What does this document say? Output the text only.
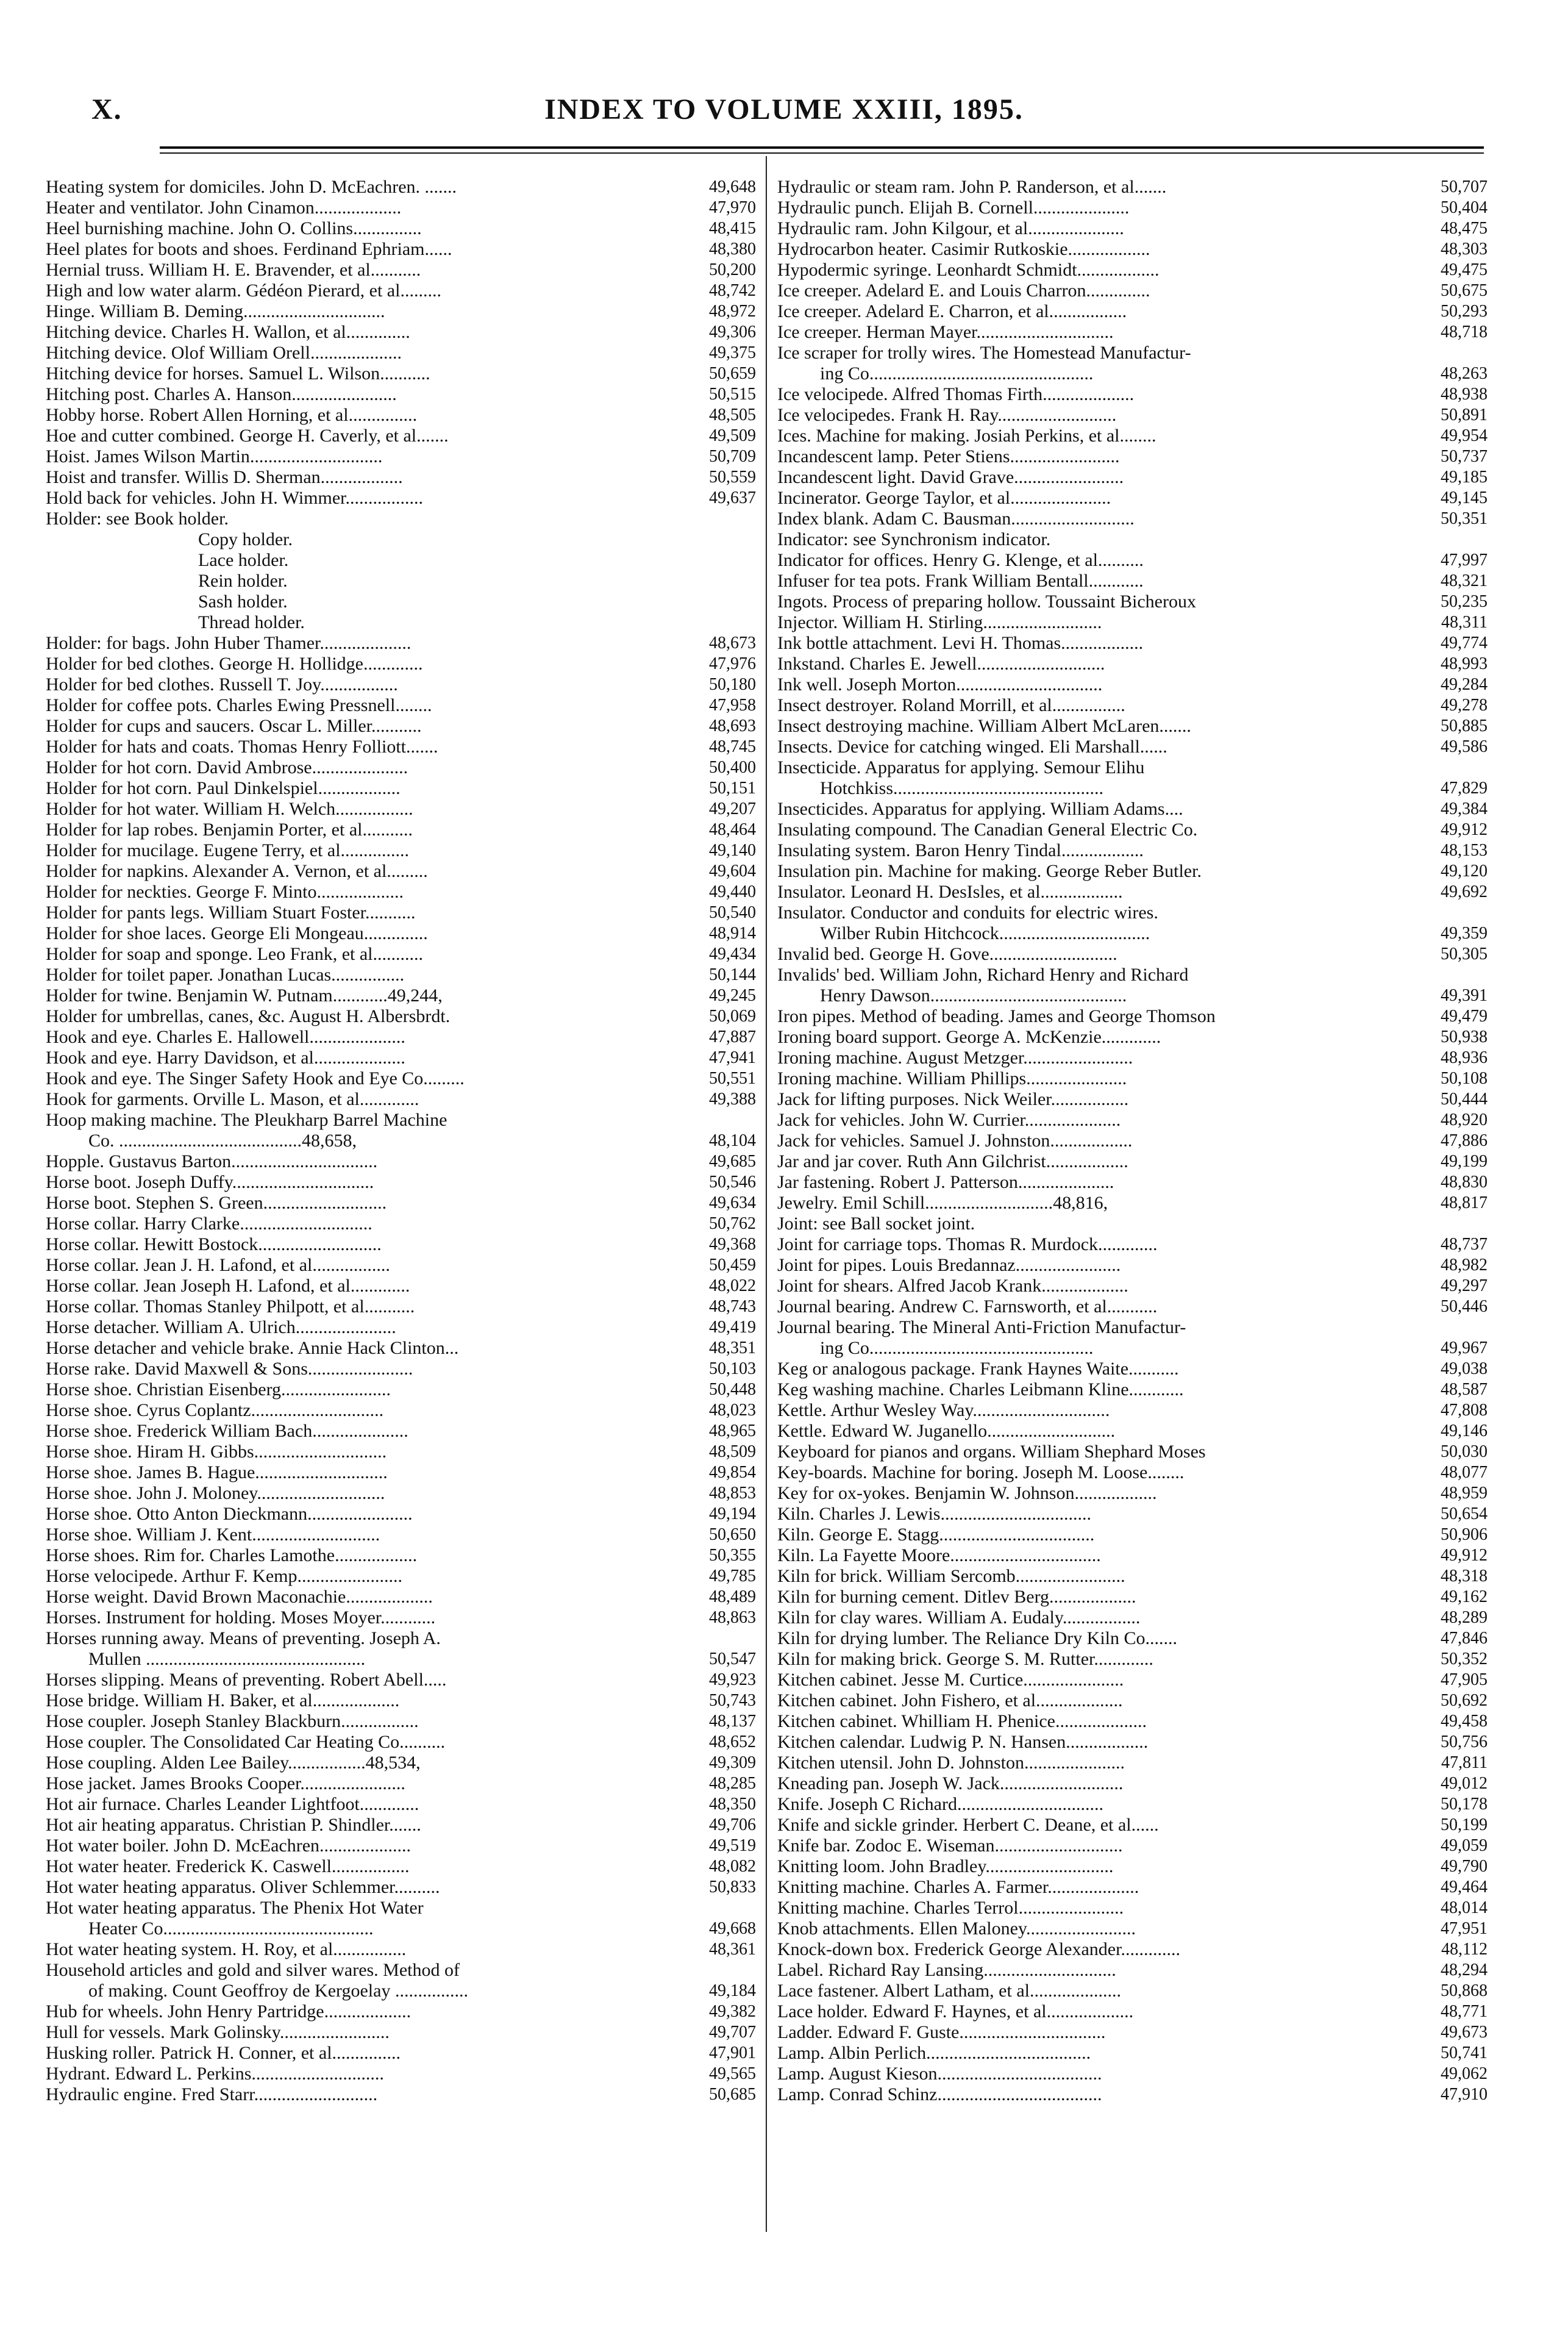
X.	INDEX TO VOLUME XXIII, 1895.
Heating system for domiciles. John D. McEachren. .......	49,648
Heater and ventilator. John Cinamon...................	47,970
Heel burnishing machine. John O. Collins...............	48,415
Heel plates for boots and shoes. Ferdinand Ephriam......	48,380
Hernial truss. William H. E. Bravender, et al...........	50,200
High and low water alarm. Gédéon Pierard, et al.........	48,742
Hinge. William B. Deming...............................	48,972
Hitching device. Charles H. Wallon, et al..............	49,306
Hitching device. Olof William Orell....................	49,375
Hitching device for horses. Samuel L. Wilson...........	50,659
Hitching post. Charles A. Hanson.......................	50,515
Hobby horse. Robert Allen Horning, et al...............	48,505
Hoe and cutter combined. George H. Caverly, et al.......	49,509
Hoist. James Wilson Martin.............................	50,709
Hoist and transfer. Willis D. Sherman..................	50,559
Hold back for vehicles. John H. Wimmer.................	49,637
Holder: see Book holder.
Copy holder.
Lace holder.
Rein holder.
Sash holder.
Thread holder.
Holder: for bags. John Huber Thamer....................	48,673
Holder for bed clothes. George H. Hollidge.............	47,976
Holder for bed clothes. Russell T. Joy.................	50,180
Holder for coffee pots. Charles Ewing Pressnell........	47,958
Holder for cups and saucers. Oscar L. Miller...........	48,693
Holder for hats and coats. Thomas Henry Folliott.......	48,745
Holder for hot corn. David Ambrose.....................	50,400
Holder for hot corn. Paul Dinkelspiel..................	50,151
Holder for hot water. William H. Welch.................	49,207
Holder for lap robes. Benjamin Porter, et al...........	48,464
Holder for mucilage. Eugene Terry, et al...............	49,140
Holder for napkins. Alexander A. Vernon, et al.........	49,604
Holder for neckties. George F. Minto...................	49,440
Holder for pants legs. William Stuart Foster...........	50,540
Holder for shoe laces. George Eli Mongeau..............	48,914
Holder for soap and sponge. Leo Frank, et al...........	49,434
Holder for toilet paper. Jonathan Lucas................	50,144
Holder for twine. Benjamin W. Putnam............49,244,	49,245
Holder for umbrellas, canes, &c. August H. Albersbrdt.	50,069
Hook and eye. Charles E. Hallowell.....................	47,887
Hook and eye. Harry Davidson, et al....................	47,941
Hook and eye. The Singer Safety Hook and Eye Co.........	50,551
Hook for garments. Orville L. Mason, et al.............	49,388
Hoop making machine. The Pleukharp Barrel Machine
Co. ........................................48,658,	48,104
Hopple. Gustavus Barton................................	49,685
Horse boot. Joseph Duffy...............................	50,546
Horse boot. Stephen S. Green...........................	49,634
Horse collar. Harry Clarke.............................	50,762
Horse collar. Hewitt Bostock...........................	49,368
Horse collar. Jean J. H. Lafond, et al.................	50,459
Horse collar. Jean Joseph H. Lafond, et al.............	48,022
Horse collar. Thomas Stanley Philpott, et al...........	48,743
Horse detacher. William A. Ulrich......................	49,419
Horse detacher and vehicle brake. Annie Hack Clinton...	48,351
Horse rake. David Maxwell & Sons.......................	50,103
Horse shoe. Christian Eisenberg........................	50,448
Horse shoe. Cyrus Coplantz.............................	48,023
Horse shoe. Frederick William Bach.....................	48,965
Horse shoe. Hiram H. Gibbs.............................	48,509
Horse shoe. James B. Hague.............................	49,854
Horse shoe. John J. Moloney............................	48,853
Horse shoe. Otto Anton Dieckmann.......................	49,194
Horse shoe. William J. Kent............................	50,650
Horse shoes. Rim for. Charles Lamothe..................	50,355
Horse velocipede. Arthur F. Kemp.......................	49,785
Horse weight. David Brown Maconachie...................	48,489
Horses. Instrument for holding. Moses Moyer............	48,863
Horses running away. Means of preventing. Joseph A.
Mullen ................................................	50,547
Horses slipping. Means of preventing. Robert Abell.....	49,923
Hose bridge. William H. Baker, et al...................	50,743
Hose coupler. Joseph Stanley Blackburn.................	48,137
Hose coupler. The Consolidated Car Heating Co..........	48,652
Hose coupling. Alden Lee Bailey.................48,534,	49,309
Hose jacket. James Brooks Cooper.......................	48,285
Hot air furnace. Charles Leander Lightfoot.............	48,350
Hot air heating apparatus. Christian P. Shindler.......	49,706
Hot water boiler. John D. McEachren....................	49,519
Hot water heater. Frederick K. Caswell.................	48,082
Hot water heating apparatus. Oliver Schlemmer..........	50,833
Hot water heating apparatus. The Phenix Hot Water
Heater Co..............................................	49,668
Hot water heating system. H. Roy, et al................	48,361
Household articles and gold and silver wares. Method of
of making. Count Geoffroy de Kergoelay ................	49,184
Hub for wheels. John Henry Partridge...................	49,382
Hull for vessels. Mark Golinsky........................	49,707
Husking roller. Patrick H. Conner, et al...............	47,901
Hydrant. Edward L. Perkins.............................	49,565
Hydraulic engine. Fred Starr...........................	50,685
Hydraulic or steam ram. John P. Randerson, et al.......	50,707
Hydraulic punch. Elijah B. Cornell.....................	50,404
Hydraulic ram. John Kilgour, et al.....................	48,475
Hydrocarbon heater. Casimir Rutkoskie..................	48,303
Hypodermic syringe. Leonhardt Schmidt..................	49,475
Ice creeper. Adelard E. and Louis Charron..............	50,675
Ice creeper. Adelard E. Charron, et al.................	50,293
Ice creeper. Herman Mayer..............................	48,718
Ice scraper for trolly wires. The Homestead Manufactur-
ing Co.................................................	48,263
Ice velocipede. Alfred Thomas Firth....................	48,938
Ice velocipedes. Frank H. Ray..........................	50,891
Ices. Machine for making. Josiah Perkins, et al........	49,954
Incandescent lamp. Peter Stiens........................	50,737
Incandescent light. David Grave........................	49,185
Incinerator. George Taylor, et al......................	49,145
Index blank. Adam C. Bausman...........................	50,351
Indicator: see Synchronism indicator.
Indicator for offices. Henry G. Klenge, et al..........	47,997
Infuser for tea pots. Frank William Bentall............	48,321
Ingots. Process of preparing hollow. Toussaint Bicheroux	50,235
Injector. William H. Stirling..........................	48,311
Ink bottle attachment. Levi H. Thomas..................	49,774
Inkstand. Charles E. Jewell............................	48,993
Ink well. Joseph Morton................................	49,284
Insect destroyer. Roland Morrill, et al................	49,278
Insect destroying machine. William Albert McLaren.......	50,885
Insects. Device for catching winged. Eli Marshall......	49,586
Insecticide. Apparatus for applying. Semour Elihu
Hotchkiss..............................................	47,829
Insecticides. Apparatus for applying. William Adams....	49,384
Insulating compound. The Canadian General Electric Co.	49,912
Insulating system. Baron Henry Tindal..................	48,153
Insulation pin. Machine for making. George Reber Butler.	49,120
Insulator. Leonard H. DesIsles, et al..................	49,692
Insulator. Conductor and conduits for electric wires.
Wilber Rubin Hitchcock.................................	49,359
Invalid bed. George H. Gove............................	50,305
Invalids' bed. William John, Richard Henry and Richard
Henry Dawson...........................................	49,391
Iron pipes. Method of beading. James and George Thomson	49,479
Ironing board support. George A. McKenzie.............	50,938
Ironing machine. August Metzger........................	48,936
Ironing machine. William Phillips......................	50,108
Jack for lifting purposes. Nick Weiler.................	50,444
Jack for vehicles. John W. Currier.....................	48,920
Jack for vehicles. Samuel J. Johnston..................	47,886
Jar and jar cover. Ruth Ann Gilchrist..................	49,199
Jar fastening. Robert J. Patterson.....................	48,830
Jewelry. Emil Schill............................48,816,	48,817
Joint: see Ball socket joint.
Joint for carriage tops. Thomas R. Murdock.............	48,737
Joint for pipes. Louis Bredannaz.......................	48,982
Joint for shears. Alfred Jacob Krank...................	49,297
Journal bearing. Andrew C. Farnsworth, et al...........	50,446
Journal bearing. The Mineral Anti-Friction Manufactur-
ing Co.................................................	49,967
Keg or analogous package. Frank Haynes Waite...........	49,038
Keg washing machine. Charles Leibmann Kline............	48,587
Kettle. Arthur Wesley Way..............................	47,808
Kettle. Edward W. Juganello............................	49,146
Keyboard for pianos and organs. William Shephard Moses	50,030
Key-boards. Machine for boring. Joseph M. Loose........	48,077
Key for ox-yokes. Benjamin W. Johnson..................	48,959
Kiln. Charles J. Lewis.................................	50,654
Kiln. George E. Stagg..................................	50,906
Kiln. La Fayette Moore.................................	49,912
Kiln for brick. William Sercomb........................	48,318
Kiln for burning cement. Ditlev Berg...................	49,162
Kiln for clay wares. William A. Eudaly.................	48,289
Kiln for drying lumber. The Reliance Dry Kiln Co.......	47,846
Kiln for making brick. George S. M. Rutter.............	50,352
Kitchen cabinet. Jesse M. Curtice......................	47,905
Kitchen cabinet. John Fishero, et al...................	50,692
Kitchen cabinet. Whilliam H. Phenice....................	49,458
Kitchen calendar. Ludwig P. N. Hansen..................	50,756
Kitchen utensil. John D. Johnston......................	47,811
Kneading pan. Joseph W. Jack...........................	49,012
Knife. Joseph C Richard................................	50,178
Knife and sickle grinder. Herbert C. Deane, et al......	50,199
Knife bar. Zodoc E. Wiseman............................	49,059
Knitting loom. John Bradley............................	49,790
Knitting machine. Charles A. Farmer....................	49,464
Knitting machine. Charles Terrol.......................	48,014
Knob attachments. Ellen Maloney........................	47,951
Knock-down box. Frederick George Alexander.............	48,112
Label. Richard Ray Lansing.............................	48,294
Lace fastener. Albert Latham, et al....................	50,868
Lace holder. Edward F. Haynes, et al...................	48,771
Ladder. Edward F. Guste................................	49,673
Lamp. Albin Perlich....................................	50,741
Lamp. August Kieson....................................	49,062
Lamp. Conrad Schinz....................................	47,910
